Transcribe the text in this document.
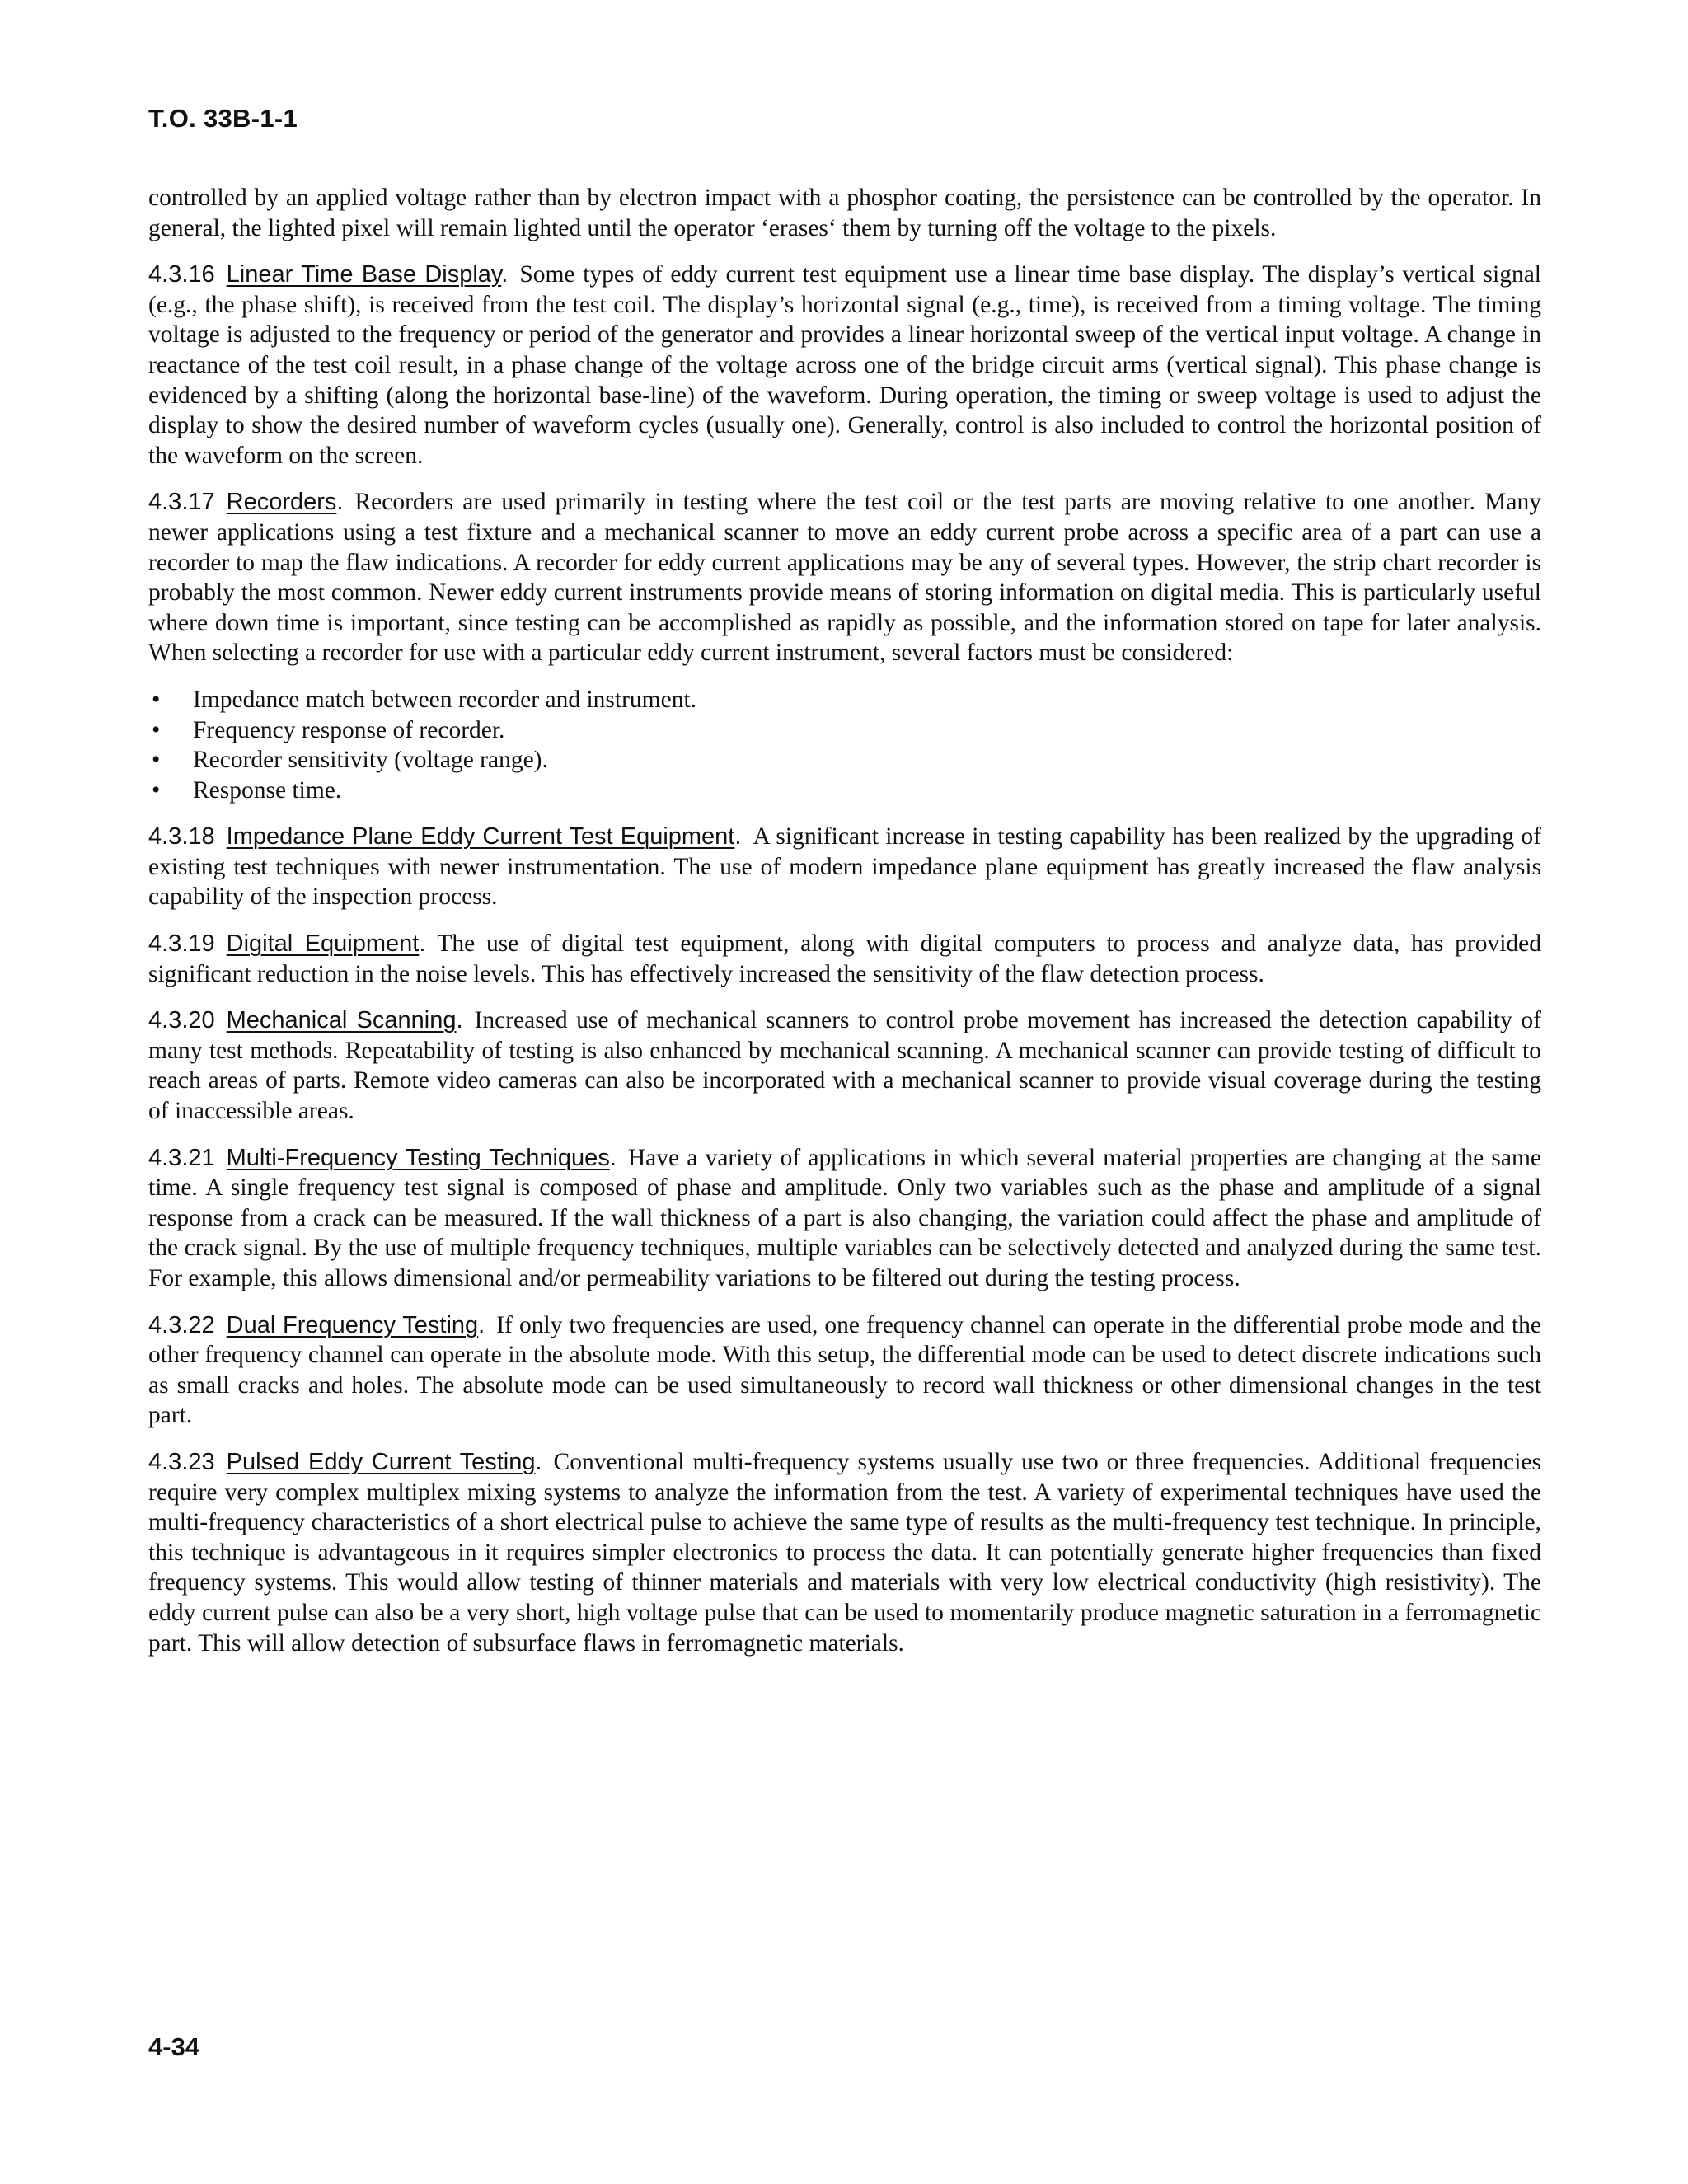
T.O. 33B-1-1

controlled by an applied voltage rather than by electron impact with a phosphor coating, the persistence can be controlled by the operator. In general, the lighted pixel will remain lighted until the operator ‘erases‘ them by turning off the voltage to the pixels.

4.3.16 Linear Time Base Display. Some types of eddy current test equipment use a linear time base display. The display’s vertical signal (e.g., the phase shift), is received from the test coil. The display’s horizontal signal (e.g., time), is received from a timing voltage. The timing voltage is adjusted to the frequency or period of the generator and provides a linear horizontal sweep of the vertical input voltage. A change in reactance of the test coil result, in a phase change of the voltage across one of the bridge circuit arms (vertical signal). This phase change is evidenced by a shifting (along the horizontal base-line) of the waveform. During operation, the timing or sweep voltage is used to adjust the display to show the desired number of waveform cycles (usually one). Generally, control is also included to control the horizontal position of the waveform on the screen.

4.3.17 Recorders. Recorders are used primarily in testing where the test coil or the test parts are moving relative to one another. Many newer applications using a test fixture and a mechanical scanner to move an eddy current probe across a specific area of a part can use a recorder to map the flaw indications. A recorder for eddy current applications may be any of several types. However, the strip chart recorder is probably the most common. Newer eddy current instruments provide means of storing information on digital media. This is particularly useful where down time is important, since testing can be accomplished as rapidly as possible, and the information stored on tape for later analysis. When selecting a recorder for use with a particular eddy current instrument, several factors must be considered:

• Impedance match between recorder and instrument.
• Frequency response of recorder.
• Recorder sensitivity (voltage range).
• Response time.

4.3.18 Impedance Plane Eddy Current Test Equipment. A significant increase in testing capability has been realized by the upgrading of existing test techniques with newer instrumentation. The use of modern impedance plane equipment has greatly increased the flaw analysis capability of the inspection process.

4.3.19 Digital Equipment. The use of digital test equipment, along with digital computers to process and analyze data, has provided significant reduction in the noise levels. This has effectively increased the sensitivity of the flaw detection process.

4.3.20 Mechanical Scanning. Increased use of mechanical scanners to control probe movement has increased the detection capability of many test methods. Repeatability of testing is also enhanced by mechanical scanning. A mechanical scanner can provide testing of difficult to reach areas of parts. Remote video cameras can also be incorporated with a mechanical scanner to provide visual coverage during the testing of inaccessible areas.

4.3.21 Multi-Frequency Testing Techniques. Have a variety of applications in which several material properties are changing at the same time. A single frequency test signal is composed of phase and amplitude. Only two variables such as the phase and amplitude of a signal response from a crack can be measured. If the wall thickness of a part is also changing, the variation could affect the phase and amplitude of the crack signal. By the use of multiple frequency techniques, multiple variables can be selectively detected and analyzed during the same test. For example, this allows dimensional and/or permeability variations to be filtered out during the testing process.

4.3.22 Dual Frequency Testing. If only two frequencies are used, one frequency channel can operate in the differential probe mode and the other frequency channel can operate in the absolute mode. With this setup, the differential mode can be used to detect discrete indications such as small cracks and holes. The absolute mode can be used simultaneously to record wall thickness or other dimensional changes in the test part.

4.3.23 Pulsed Eddy Current Testing. Conventional multi-frequency systems usually use two or three frequencies. Additional frequencies require very complex multiplex mixing systems to analyze the information from the test. A variety of experimental techniques have used the multi-frequency characteristics of a short electrical pulse to achieve the same type of results as the multi-frequency test technique. In principle, this technique is advantageous in it requires simpler electronics to process the data. It can potentially generate higher frequencies than fixed frequency systems. This would allow testing of thinner materials and materials with very low electrical conductivity (high resistivity). The eddy current pulse can also be a very short, high voltage pulse that can be used to momentarily produce magnetic saturation in a ferromagnetic part. This will allow detection of subsurface flaws in ferromagnetic materials.

4-34
